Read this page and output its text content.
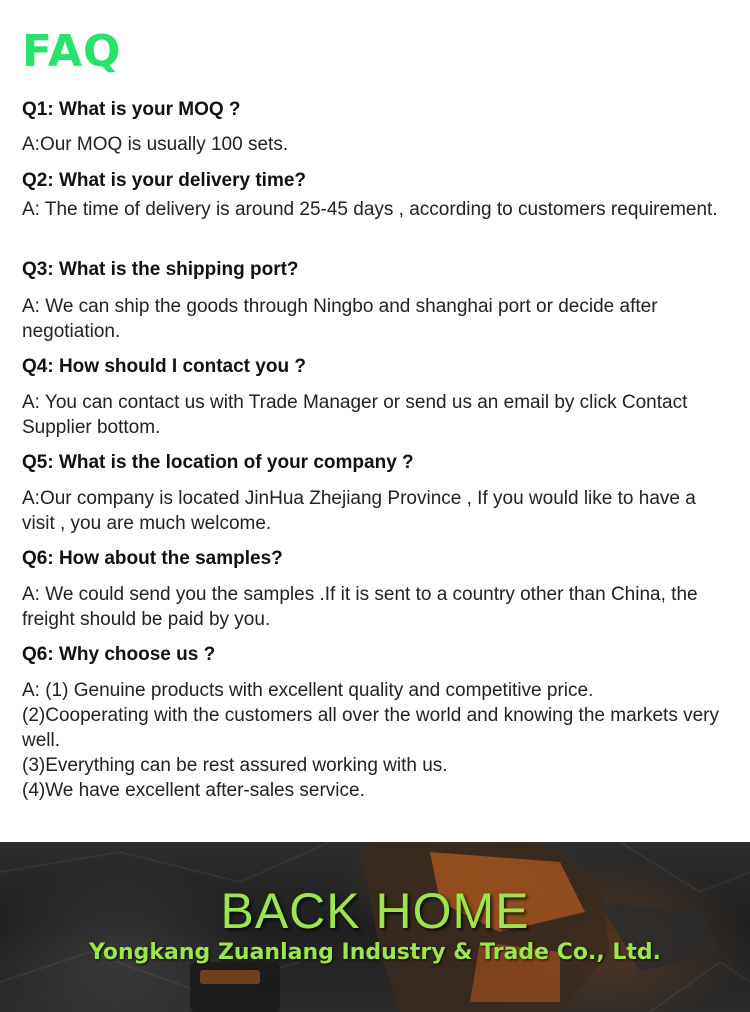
FAQ
Q1: What is your MOQ ?

A:Our MOQ is usually 100 sets.

Q2: What is your delivery time?

A: The time of delivery is around 25-45 days , according to customers requirement.

Q3: What is the shipping port?

A: We can ship the goods through Ningbo and shanghai port or decide after negotiation.

Q4: How should I contact you ?

A: You can contact us with Trade Manager or send us an email by click Contact Supplier bottom.

Q5: What is the location of your company ?

A:Our company is located JinHua Zhejiang Province , If you would like to have a visit , you are much welcome.

Q6: How about the samples?

A: We could send you the samples .If it is sent to a country other than China, the freight should be paid by you.

Q6: Why choose us ?

A: (1) Genuine products with excellent quality and competitive price.

(2)Cooperating with the customers all over the world and knowing the markets very well.

(3)Everything can be rest assured working with us.

(4)We have excellent after-sales service.

BACK HOME
Yongkang Zuanlang Industry & Trade Co., Ltd.
